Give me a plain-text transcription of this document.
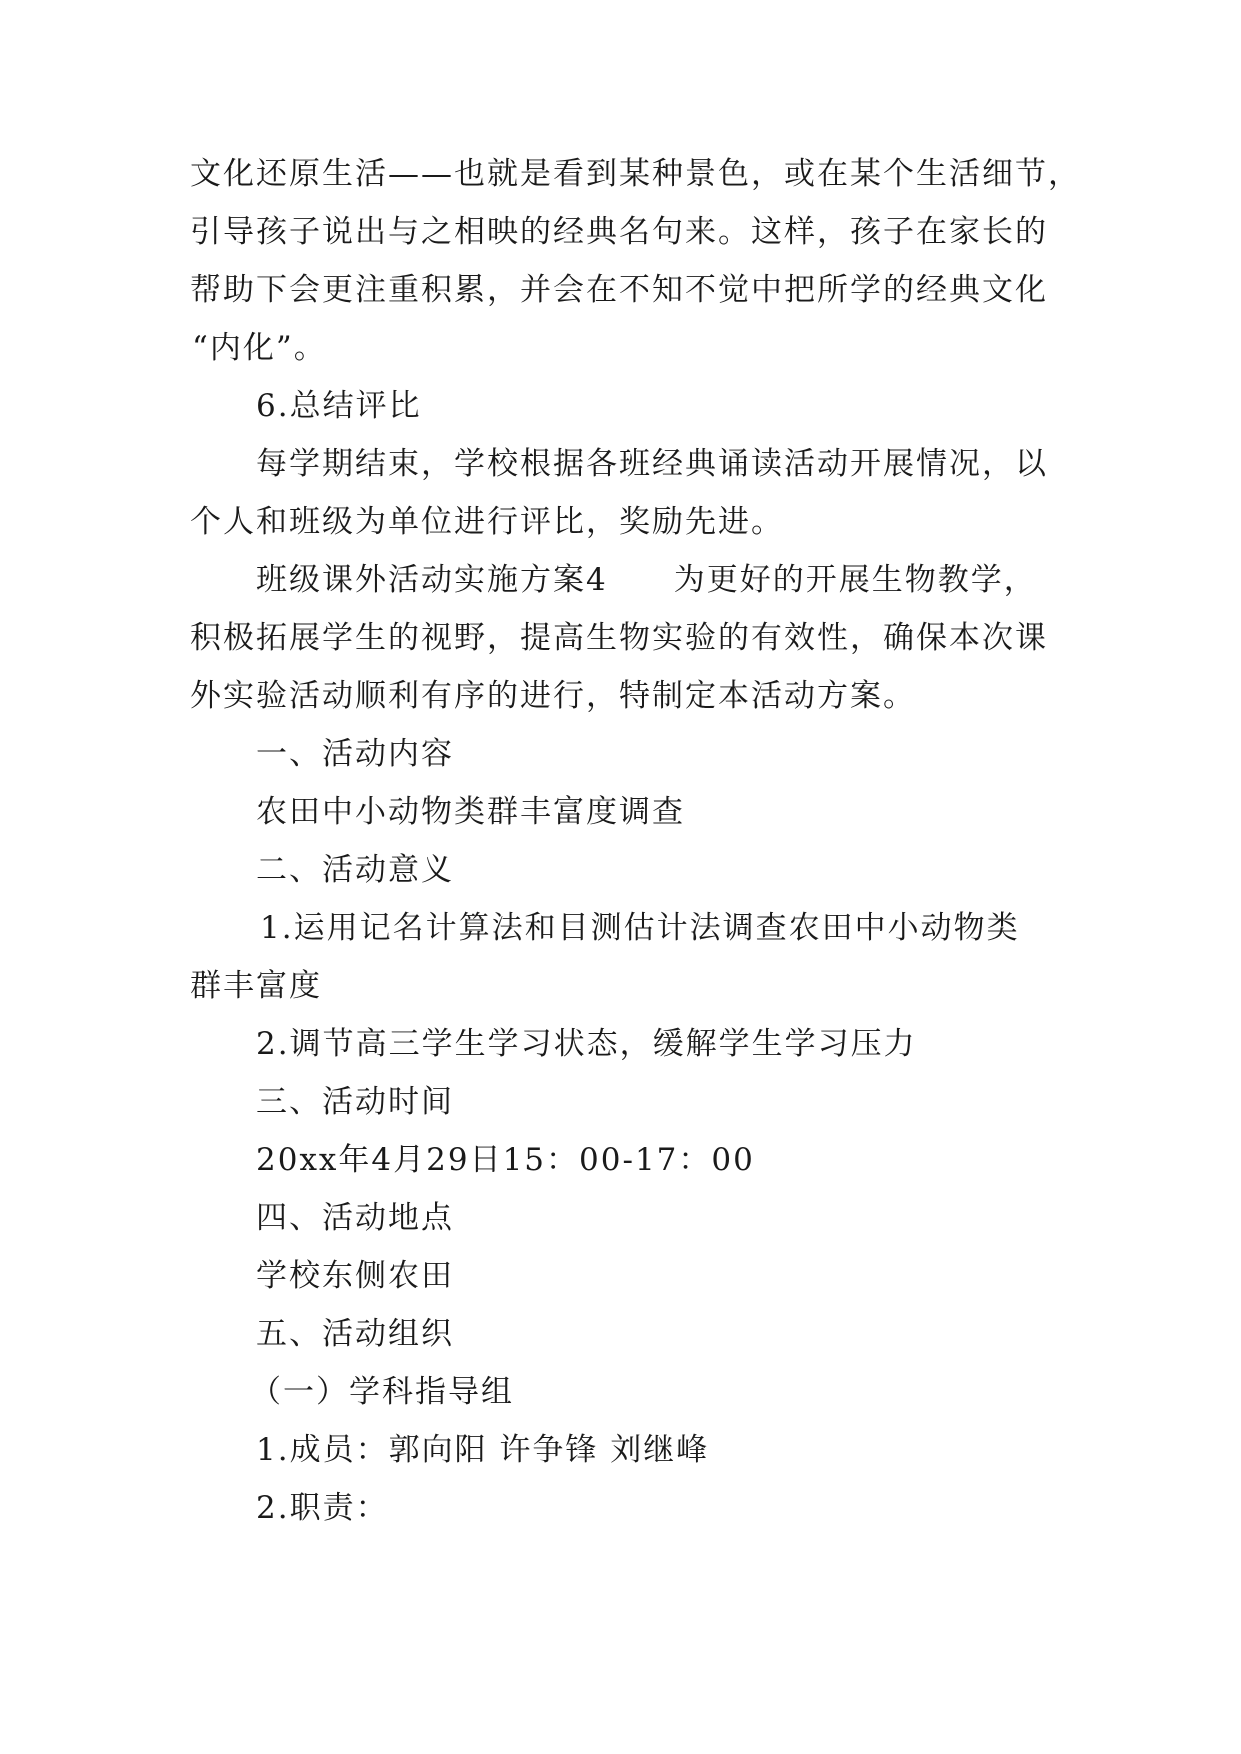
文化还原生活——也就是看到某种景色，或在某个生活细节，
引导孩子说出与之相映的经典名句来。这样，孩子在家长的
帮助下会更注重积累，并会在不知不觉中把所学的经典文化
“内化”。
6.总结评比
每学期结束，学校根据各班经典诵读活动开展情况，以
个人和班级为单位进行评比，奖励先进。
班级课外活动实施方案4　　为更好的开展生物教学，
积极拓展学生的视野，提高生物实验的有效性，确保本次课
外实验活动顺利有序的进行，特制定本活动方案。
一、活动内容
农田中小动物类群丰富度调查
二、活动意义
1.运用记名计算法和目测估计法调查农田中小动物类
群丰富度
2.调节高三学生学习状态，缓解学生学习压力
三、活动时间
20xx年4月29日15：00-17：00
四、活动地点
学校东侧农田
五、活动组织
（一）学科指导组
1.成员：郭向阳 许争锋 刘继峰
2.职责：
